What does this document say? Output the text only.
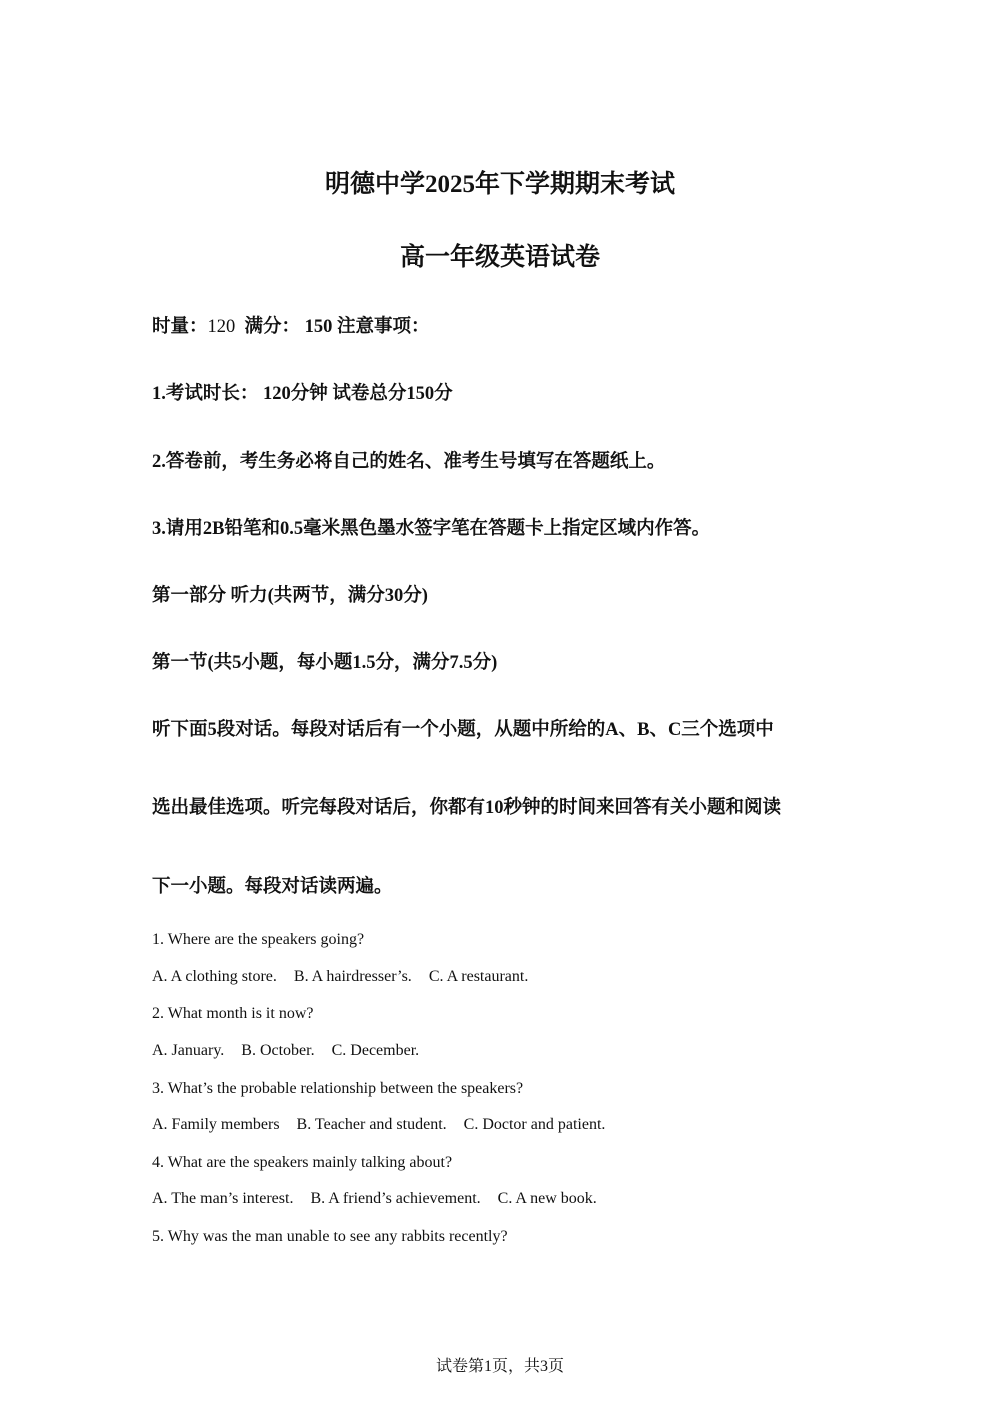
明德中学2025年下学期期末考试
高一年级英语试卷
时量：120 满分： 150 注意事项：
1.考试时长： 120分钟 试卷总分150分
2.答卷前，考生务必将自己的姓名、准考生号填写在答题纸上。
3.请用2B铅笔和0.5毫米黑色墨水签字笔在答题卡上指定区域内作答。
第一部分 听力(共两节，满分30分)
第一节(共5小题，每小题1.5分，满分7.5分)
听下面5段对话。每段对话后有一个小题，从题中所给的A、B、C三个选项中
选出最佳选项。听完每段对话后，你都有10秒钟的时间来回答有关小题和阅读
下一小题。每段对话读两遍。
1. Where are the speakers going?
A. A clothing store. B. A hairdresser’s. C. A restaurant.
2. What month is it now?
A. January. B. October. C. December.
3. What’s the probable relationship between the speakers?
A. Family members B. Teacher and student. C. Doctor and patient.
4. What are the speakers mainly talking about?
A. The man’s interest. B. A friend’s achievement. C. A new book.
5. Why was the man unable to see any rabbits recently?
试卷第1页，共3页
